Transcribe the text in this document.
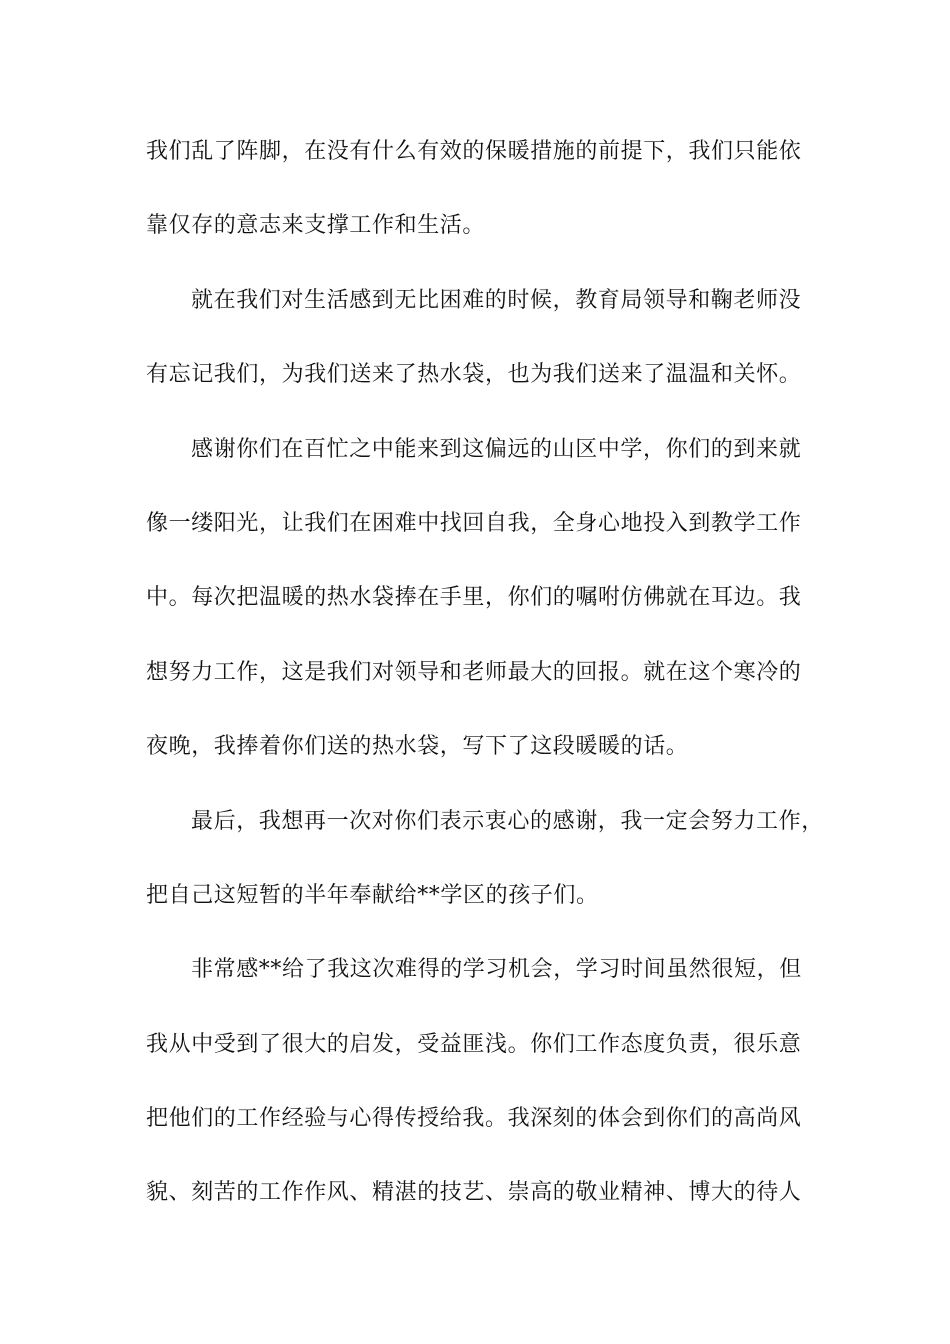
我们乱了阵脚，在没有什么有效的保暖措施的前提下，我们只能依
靠仅存的意志来支撑工作和生活。
就在我们对生活感到无比困难的时候，教育局领导和鞠老师没
有忘记我们，为我们送来了热水袋，也为我们送来了温温和关怀。
感谢你们在百忙之中能来到这偏远的山区中学，你们的到来就
像一缕阳光，让我们在困难中找回自我，全身心地投入到教学工作
中。每次把温暖的热水袋捧在手里，你们的嘱咐仿佛就在耳边。我
想努力工作，这是我们对领导和老师最大的回报。就在这个寒冷的
夜晚，我捧着你们送的热水袋，写下了这段暖暖的话。
最后，我想再一次对你们表示衷心的感谢，我一定会努力工作，
把自己这短暂的半年奉献给**学区的孩子们。
非常感**给了我这次难得的学习机会，学习时间虽然很短，但
我从中受到了很大的启发，受益匪浅。你们工作态度负责，很乐意
把他们的工作经验与心得传授给我。我深刻的体会到你们的高尚风
貌、刻苦的工作作风、精湛的技艺、崇高的敬业精神、博大的待人
